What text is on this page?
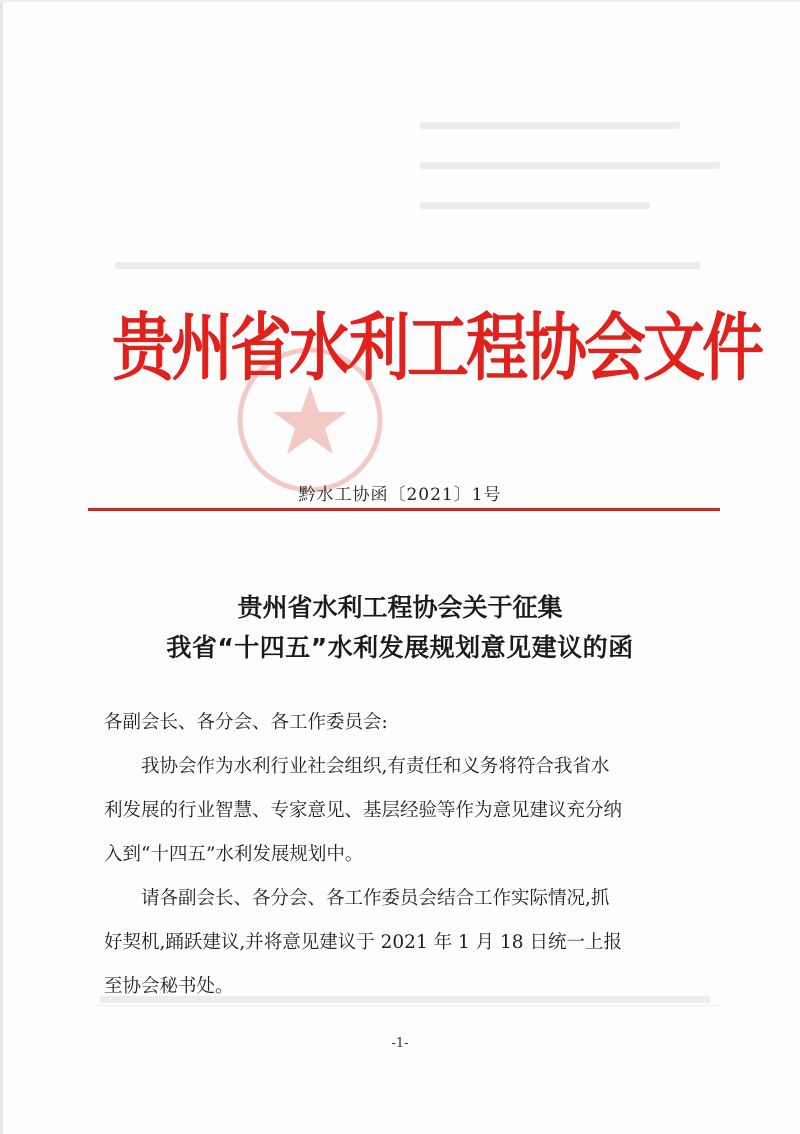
贵州省水利工程协会文件
黔水工协函〔2021〕1号
贵州省水利工程协会关于征集
我省“十四五”水利发展规划意见建议的函
各副会长、各分会、各工作委员会:
我协会作为水利行业社会组织,有责任和义务将符合我省水
利发展的行业智慧、专家意见、基层经验等作为意见建议充分纳
入到“十四五”水利发展规划中。
请各副会长、各分会、各工作委员会结合工作实际情况,抓
好契机,踊跃建议,并将意见建议于 2021 年 1 月 18 日统一上报
至协会秘书处。
-1-
